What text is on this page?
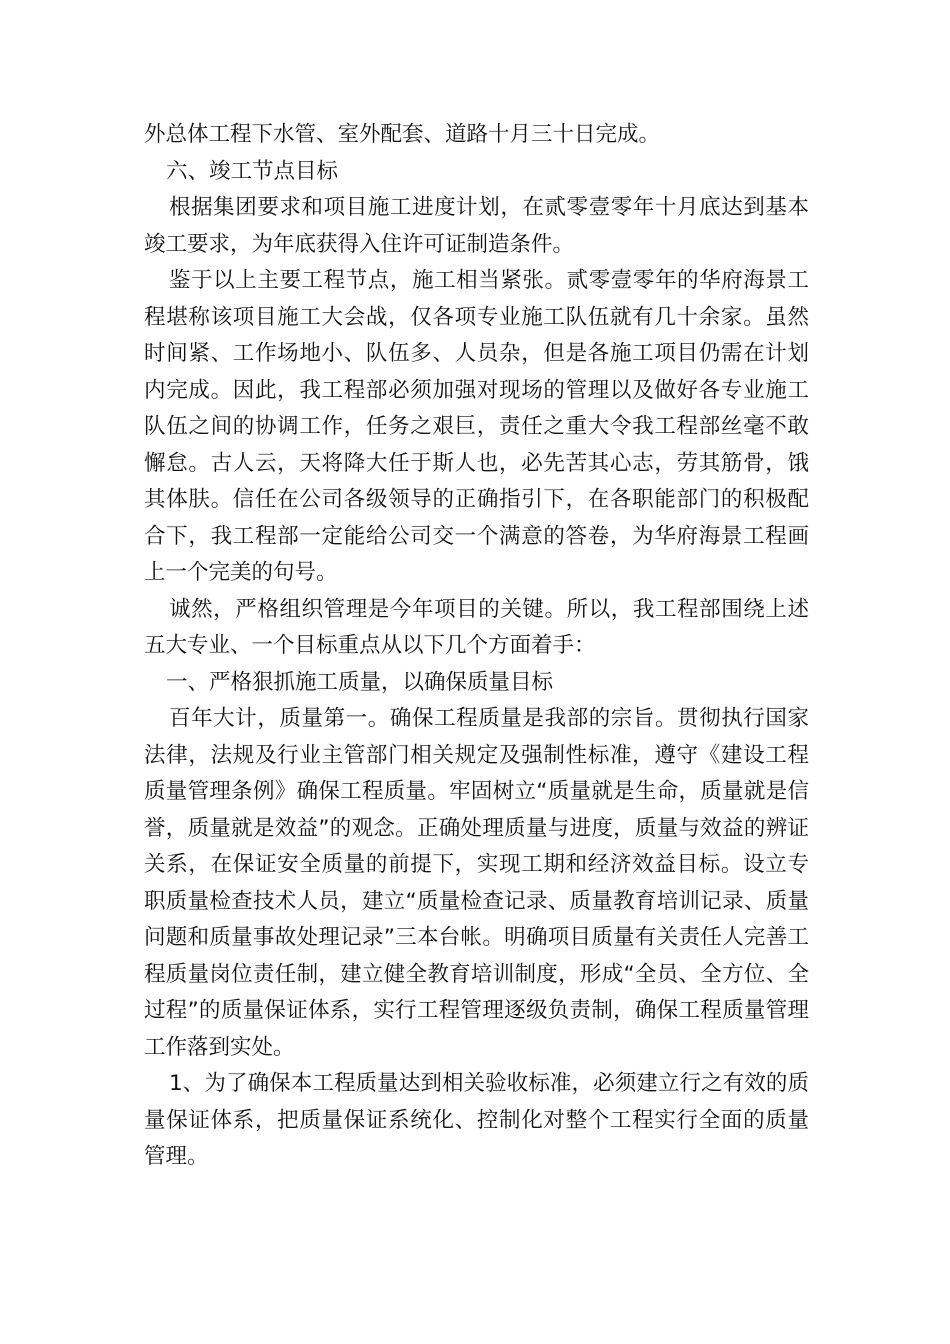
外总体工程下水管、室外配套、道路十月三十日完成。

六、竣工节点目标

根据集团要求和项目施工进度计划，在贰零壹零年十月底达到基本竣工要求，为年底获得入住许可证制造条件。

鉴于以上主要工程节点，施工相当紧张。贰零壹零年的华府海景工程堪称该项目施工大会战，仅各项专业施工队伍就有几十余家。虽然时间紧、工作场地小、队伍多、人员杂，但是各施工项目仍需在计划内完成。因此，我工程部必须加强对现场的管理以及做好各专业施工队伍之间的协调工作，任务之艰巨，责任之重大令我工程部丝毫不敢懈怠。古人云，天将降大任于斯人也，必先苦其心志，劳其筋骨，饿其体肤。信任在公司各级领导的正确指引下，在各职能部门的积极配合下，我工程部一定能给公司交一个满意的答卷，为华府海景工程画上一个完美的句号。

诚然，严格组织管理是今年项目的关键。所以，我工程部围绕上述五大专业、一个目标重点从以下几个方面着手：

一、严格狠抓施工质量，以确保质量目标

百年大计，质量第一。确保工程质量是我部的宗旨。贯彻执行国家法律，法规及行业主管部门相关规定及强制性标准，遵守《建设工程质量管理条例》确保工程质量。牢固树立“质量就是生命，质量就是信誉，质量就是效益”的观念。正确处理质量与进度，质量与效益的辨证关系，在保证安全质量的前提下，实现工期和经济效益目标。设立专职质量检查技术人员，建立“质量检查记录、质量教育培训记录、质量问题和质量事故处理记录”三本台帐。明确项目质量有关责任人完善工程质量岗位责任制，建立健全教育培训制度，形成“全员、全方位、全过程”的质量保证体系，实行工程管理逐级负责制，确保工程质量管理工作落到实处。

1、为了确保本工程质量达到相关验收标准，必须建立行之有效的质量保证体系，把质量保证系统化、控制化对整个工程实行全面的质量管理。
